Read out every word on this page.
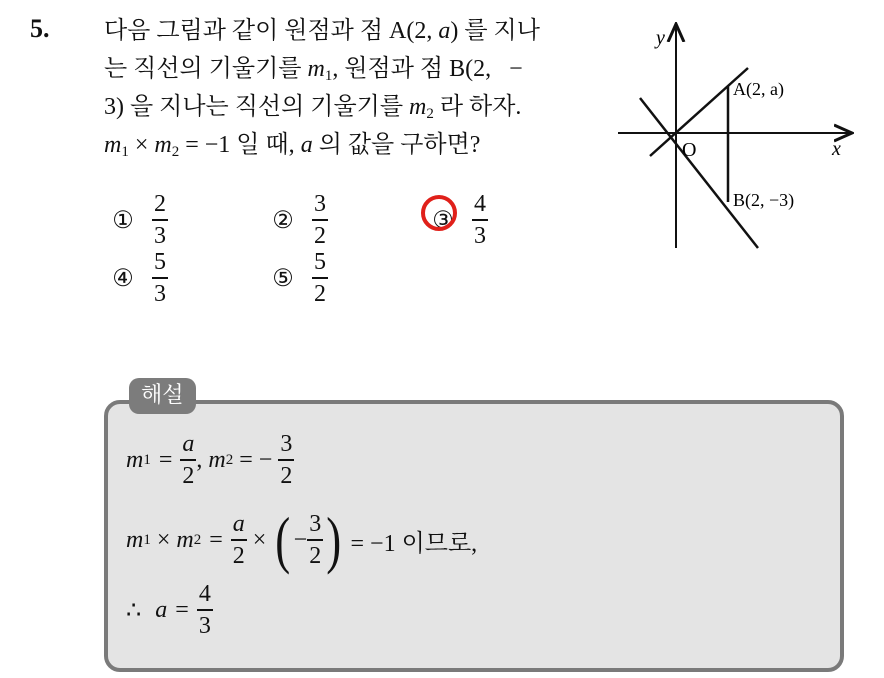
5. 다음 그림과 같이 원점과 점 A(2, a) 를 지나

는 직선의 기울기를 $m_1$, 원점과 점 B(2,   −

3) 을 지나는 직선의 기울기를 $m_2$ 라 하자.

$m_1 \times m_2 = -1$ 일 때, a 의 값을 구하면?

① $\frac{2}{3}$	② $\frac{3}{2}$	③ $\frac{4}{3}$
④ $\frac{5}{3}$	⑤ $\frac{5}{2}$
x
y
O
A(2, a)
B(2, −3)
해설
m $1 = \frac{a}{2}$ , m 2 = − $\frac{3}{2}$
m 1 × m $2 = \frac{a}{2}$ × ( − $\frac{3}{2}$ ) = −1 이므로,
∴ $a = \frac{4}{3}$
